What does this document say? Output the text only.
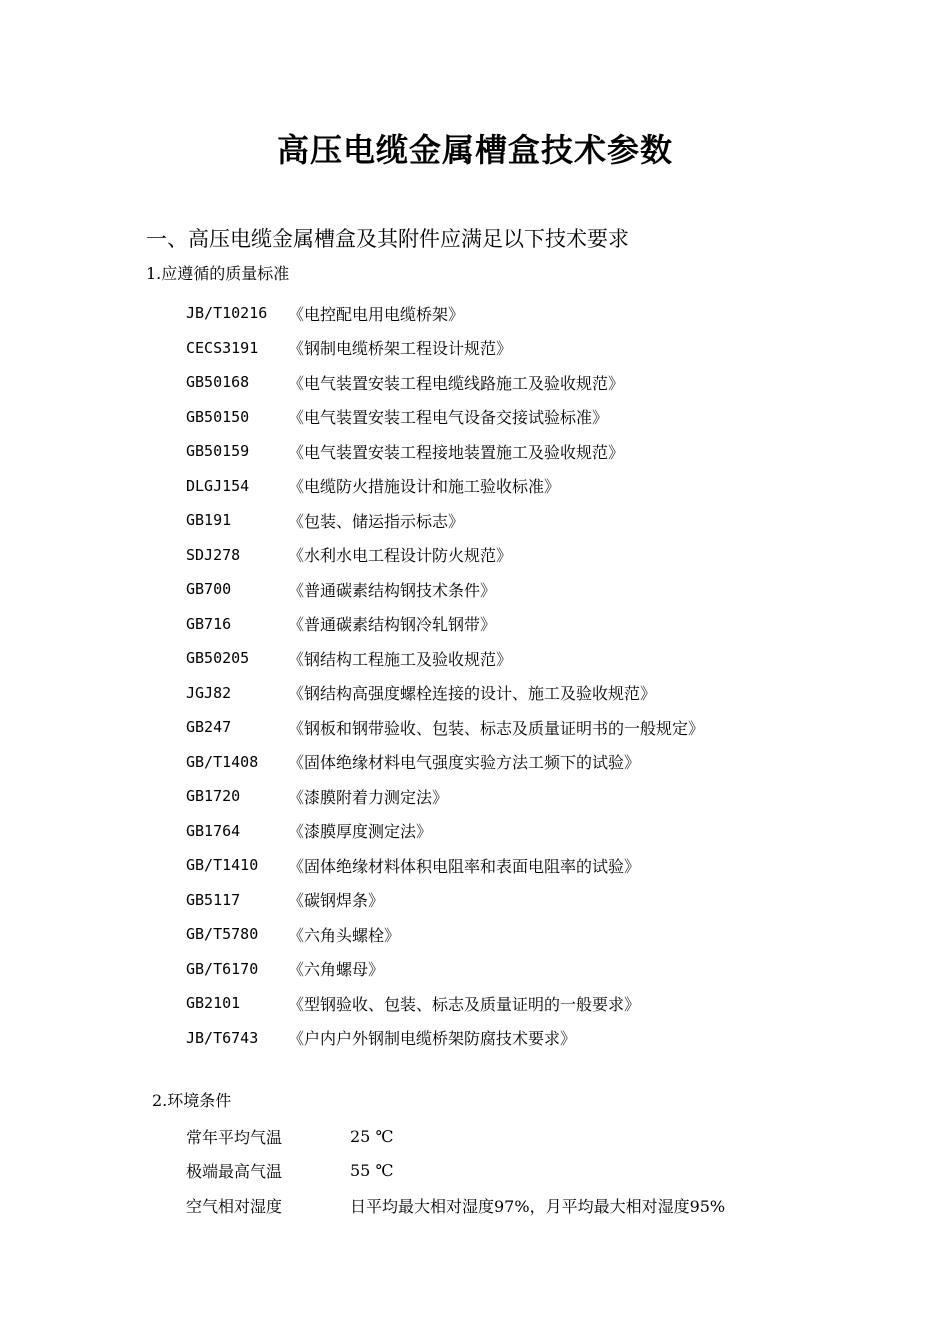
高压电缆金属槽盒技术参数
一、高压电缆金属槽盒及其附件应满足以下技术要求
1.应遵循的质量标准
JB/T10216	《电控配电用电缆桥架》
CECS3191	《钢制电缆桥架工程设计规范》
GB50168	《电气装置安装工程电缆线路施工及验收规范》
GB50150	《电气装置安装工程电气设备交接试验标准》
GB50159	《电气装置安装工程接地装置施工及验收规范》
DLGJ154	《电缆防火措施设计和施工验收标准》
GB191	《包装、储运指示标志》
SDJ278	《水利水电工程设计防火规范》
GB700	《普通碳素结构钢技术条件》
GB716	《普通碳素结构钢冷轧钢带》
GB50205	《钢结构工程施工及验收规范》
JGJ82	《钢结构高强度螺栓连接的设计、施工及验收规范》
GB247	《钢板和钢带验收、包装、标志及质量证明书的一般规定》
GB/T1408	《固体绝缘材料电气强度实验方法工频下的试验》
GB1720	《漆膜附着力测定法》
GB1764	《漆膜厚度测定法》
GB/T1410	《固体绝缘材料体积电阻率和表面电阻率的试验》
GB5117	《碳钢焊条》
GB/T5780	《六角头螺栓》
GB/T6170	《六角螺母》
GB2101	《型钢验收、包装、标志及质量证明的一般要求》
JB/T6743	《户内户外钢制电缆桥架防腐技术要求》
2.环境条件
常年平均气温	25 ℃
极端最高气温	55 ℃
空气相对湿度	日平均最大相对湿度97%，月平均最大相对湿度95%
